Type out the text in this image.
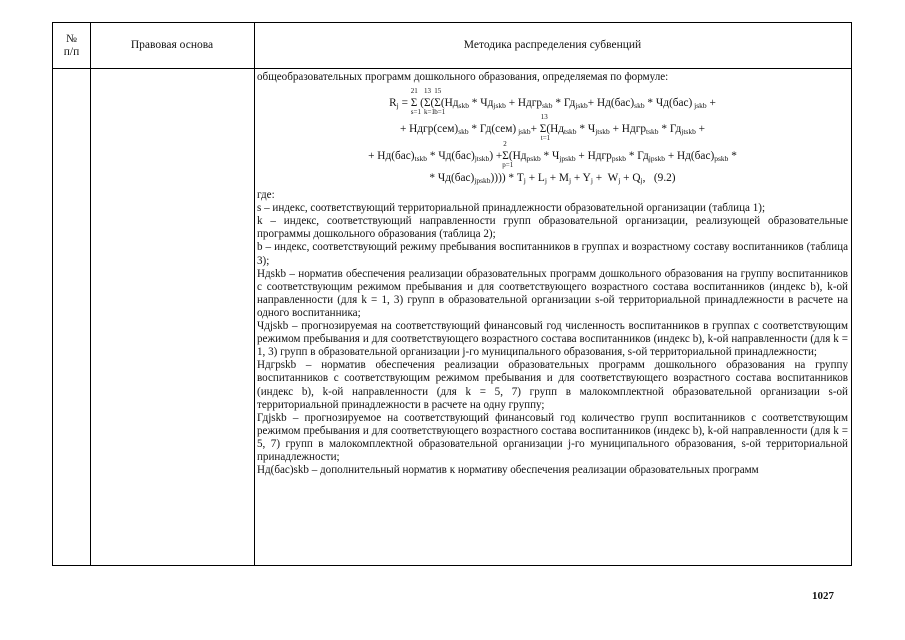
№
п/п
Правовая основа	Методика распределения субвенций

общеобразовательных программ дошкольного образования, определяемая по формуле:

$R_j = \Sigma$
21
s=1
(Σ
13
k=1
(Σ
15
b=1
($Нд_{skb} * Чд_{jskb}$ + Ндгр$_{skb}$ * $Гд_{jskb}+ Нд(бас)_{skb} * Чд(бас) _{jskb}$ +
+ $Ндгр(сем)_{skb} * Гд(сем)$ $_{jskb}$+ Σ
13
t=1
($Нд_{tskb} * Ч_{jtskb}$ + Ндгр$_{tskb}$ * $Гд_{jtskb}$ +
+ $Нд(бас)_{tskb} * Чд(бас)_{jtskb}) +\Sigma$
2
p=1
($Нд_{pskb} * Ч_{jpskb}$ + Ндгр$_{pskb}$ * $Гд_{jpskb} + Нд(бас)_{pskb}$ *
* $Чд(бас)_{jpskb})))) * T_j + L_j + M_j + Y_j + W_j + Q_j$,   (9.2)

где:

s – индекс, соответствующий территориальной принадлежности образовательной организации (таблица 1);

k – индекс, соответствующий направленности групп образовательной организации, реализующей образовательные программы дошкольного образования (таблица 2);

b – индекс, соответствующий режиму пребывания воспитанников в группах и возрастному составу воспитанников (таблица 3);

Ндskb – норматив обеспечения реализации образовательных программ дошкольного образования на группу воспитанников с соответствующим режимом пребывания и для соответствующего возрастного состава воспитанников (индекс b), k-ой направленности (для k = 1, 3) групп в образовательной организации s-ой территориальной принадлежности в расчете на одного воспитанника;

Чдjskb – прогнозируемая на соответствующий финансовый год численность воспитанников в группах с соответствующим режимом пребывания и для соответствующего возрастного состава воспитанников (индекс b), k-ой направленности (для k = 1, 3) групп в образовательной организации j-го муниципального образования, s-ой территориальной принадлежности;

Ндгрskb – норматив обеспечения реализации образовательных программ дошкольного образования на группу воспитанников с соответствующим режимом пребывания и для соответствующего возрастного состава воспитанников (индекс b), k-ой направленности (для k = 5, 7) групп в малокомплектной образовательной организации s-ой территориальной принадлежности в расчете на одну группу;

Гдjskb – прогнозируемое на соответствующий финансовый год количество групп воспитанников с соответствующим режимом пребывания и для соответствующего возрастного состава воспитанников (индекс b), k-ой направленности (для k = 5, 7) групп в малокомплектной образовательной организации j-го муниципального образования, s-ой территориальной принадлежности;

Нд(бас)skb – дополнительный норматив к нормативу обеспечения реализации образовательных программ

1027
